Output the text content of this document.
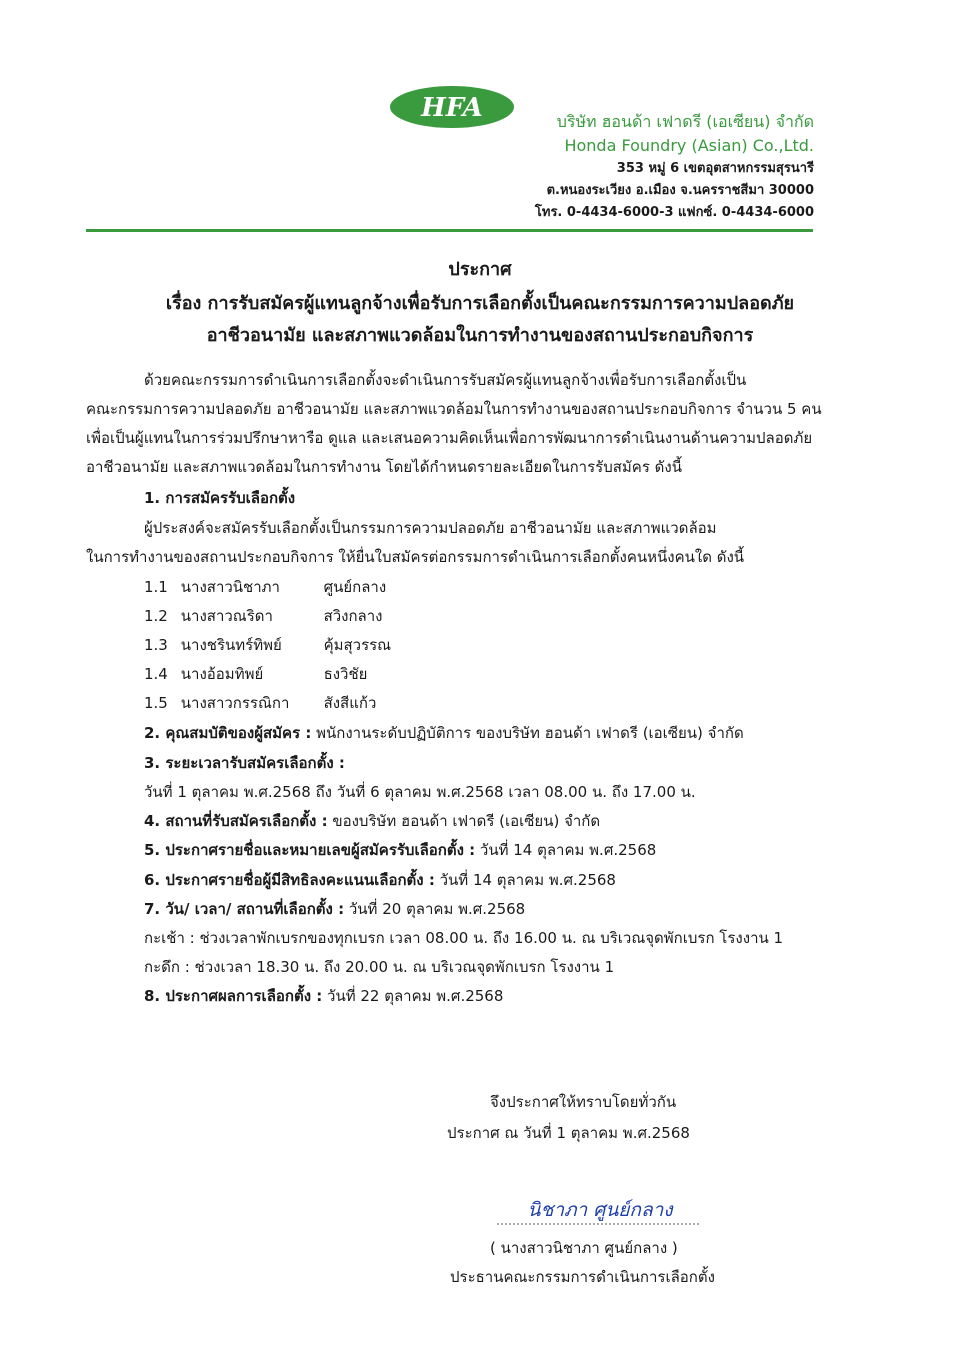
HFA	บริษัท ฮอนด้า เฟาดรี (เอเซียน) จำกัด
Honda Foundry (Asian) Co.,Ltd.
353 หมู่ 6 เขตอุตสาหกรรมสุรนารี
ต.หนองระเวียง อ.เมือง จ.นครราชสีมา 30000
โทร. 0-4434-6000-3 แฟกซ์. 0-4434-6000
ประกาศ
เรื่อง การรับสมัครผู้แทนลูกจ้างเพื่อรับการเลือกตั้งเป็นคณะกรรมการความปลอดภัย
อาชีวอนามัย และสภาพแวดล้อมในการทำงานของสถานประกอบกิจการ

ด้วยคณะกรรมการดำเนินการเลือกตั้งจะดำเนินการรับสมัครผู้แทนลูกจ้างเพื่อรับการเลือกตั้งเป็น

คณะกรรมการความปลอดภัย อาชีวอนามัย และสภาพแวดล้อมในการทำงานของสถานประกอบกิจการ จำนวน 5 คน

เพื่อเป็นผู้แทนในการร่วมปรึกษาหารือ ดูแล และเสนอความคิดเห็นเพื่อการพัฒนาการดำเนินงานด้านความปลอดภัย

อาชีวอนามัย และสภาพแวดล้อมในการทำงาน โดยได้กำหนดรายละเอียดในการรับสมัคร ดังนี้

1. การสมัครรับเลือกตั้ง
ผู้ประสงค์จะสมัครรับเลือกตั้งเป็นกรรมการความปลอดภัย อาชีวอนามัย และสภาพแวดล้อม
ในการทำงานของสถานประกอบกิจการ ให้ยื่นใบสมัครต่อกรรมการดำเนินการเลือกตั้งคนหนึ่งคนใด ดังนี้
1.1 นางสาวนิชาภา	ศูนย์กลาง
1.2 นางสาวณริดา	สวิงกลาง
1.3 นางชรินทร์ทิพย์	คุ้มสุวรรณ
1.4 นางอ้อมทิพย์	ธงวิชัย
1.5 นางสาวกรรณิกา สังสีแก้ว
2. คุณสมบัติของผู้สมัคร : พนักงานระดับปฏิบัติการ ของบริษัท ฮอนด้า เฟาดรี (เอเซียน) จำกัด
3. ระยะเวลารับสมัครเลือกตั้ง :
วันที่ 1 ตุลาคม พ.ศ.2568 ถึง วันที่ 6 ตุลาคม พ.ศ.2568 เวลา 08.00 น. ถึง 17.00 น.
4. สถานที่รับสมัครเลือกตั้ง : ของบริษัท ฮอนด้า เฟาดรี (เอเซียน) จำกัด
5. ประกาศรายชื่อและหมายเลขผู้สมัครรับเลือกตั้ง : วันที่ 14 ตุลาคม พ.ศ.2568
6. ประกาศรายชื่อผู้มีสิทธิลงคะแนนเลือกตั้ง : วันที่ 14 ตุลาคม พ.ศ.2568
7. วัน/ เวลา/ สถานที่เลือกตั้ง : วันที่ 20 ตุลาคม พ.ศ.2568
กะเช้า : ช่วงเวลาพักเบรกของทุกเบรก เวลา 08.00 น. ถึง 16.00 น. ณ บริเวณจุดพักเบรก โรงงาน 1
กะดึก : ช่วงเวลา 18.30 น. ถึง 20.00 น. ณ บริเวณจุดพักเบรก โรงงาน 1
8. ประกาศผลการเลือกตั้ง : วันที่ 22 ตุลาคม พ.ศ.2568
จึงประกาศให้ทราบโดยทั่วกัน
ประกาศ ณ วันที่ 1 ตุลาคม พ.ศ.2568
นิชาภา ศูนย์กลาง
( นางสาวนิชาภา ศูนย์กลาง )
ประธานคณะกรรมการดำเนินการเลือกตั้ง
